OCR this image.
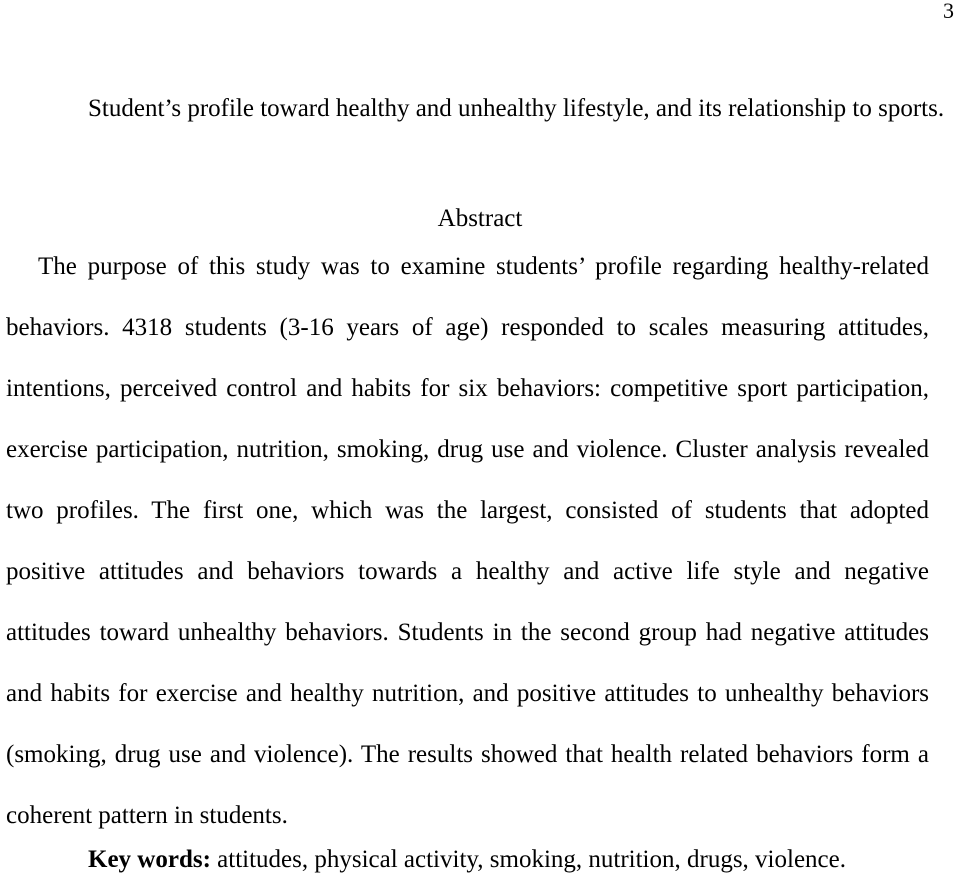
3
Student’s profile toward healthy and unhealthy lifestyle, and its relationship to sports.
Abstract

The purpose of this study was to examine students’ profile regarding healthy-related behaviors. 4318 students (3-16 years of age) responded to scales measuring attitudes, intentions, perceived control and habits for six behaviors: competitive sport participation, exercise participation, nutrition, smoking, drug use and violence. Cluster analysis revealed two profiles. The first one, which was the largest, consisted of students that adopted positive attitudes and behaviors towards a healthy and active life style and negative attitudes toward unhealthy behaviors. Students in the second group had negative attitudes and habits for exercise and healthy nutrition, and positive attitudes to unhealthy behaviors (smoking, drug use and violence). The results showed that health related behaviors form a coherent pattern in students.

Key words: attitudes, physical activity, smoking, nutrition, drugs, violence.
